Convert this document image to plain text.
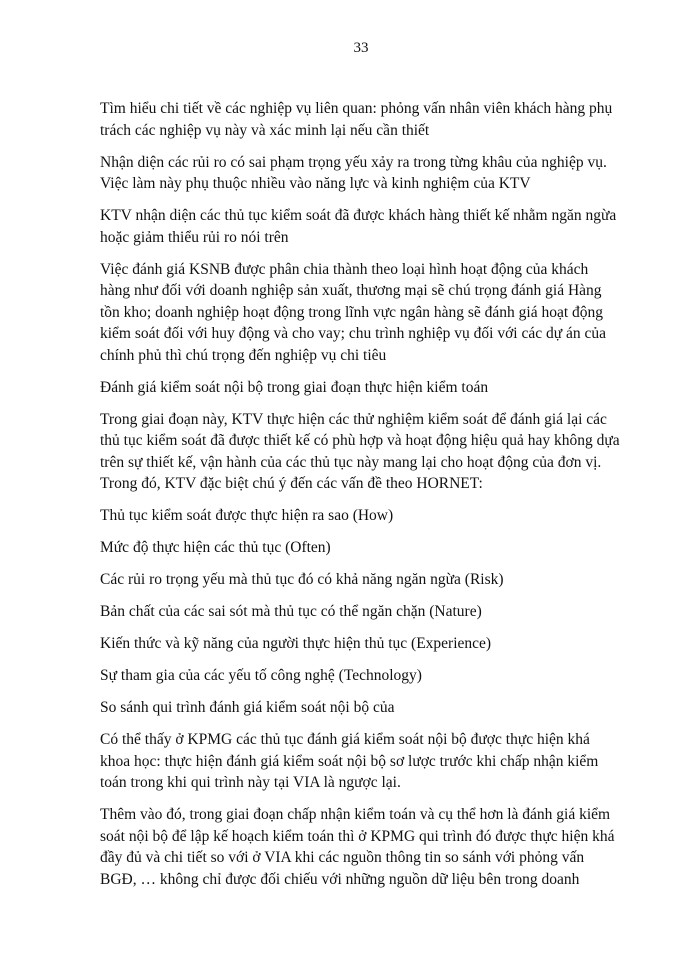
33

Tìm hiểu chi tiết về các nghiệp vụ liên quan: phỏng vấn nhân viên khách hàng phụ trách các nghiệp vụ này và xác minh lại nếu cần thiết

Nhận diện các rủi ro có sai phạm trọng yếu xảy ra trong từng khâu của nghiệp vụ. Việc làm này phụ thuộc nhiều vào năng lực và kinh nghiệm của KTV

KTV nhận diện các thủ tục kiểm soát đã được khách hàng thiết kế nhằm ngăn ngừa hoặc giảm thiểu rủi ro nói trên

Việc đánh giá KSNB được phân chia thành theo loại hình hoạt động của khách hàng như đối với doanh nghiệp sản xuất, thương mại sẽ chú trọng đánh giá Hàng tồn kho; doanh nghiệp hoạt động trong lĩnh vực ngân hàng sẽ đánh giá hoạt động kiểm soát đối với huy động và cho vay; chu trình nghiệp vụ đối với các dự án của chính phủ thì chú trọng đến nghiệp vụ chi tiêu

Đánh giá kiểm soát nội bộ trong giai đoạn thực hiện kiểm toán

Trong giai đoạn này, KTV thực hiện các thử nghiệm kiểm soát để đánh giá lại các thủ tục kiểm soát đã được thiết kế có phù hợp và hoạt động hiệu quả hay không dựa trên sự thiết kế, vận hành của các thủ tục này mang lại cho hoạt động của đơn vị. Trong đó, KTV đặc biệt chú ý đến các vấn đề theo HORNET:

Thủ tục kiểm soát được thực hiện ra sao (How)

Mức độ thực hiện các thủ tục (Often)

Các rủi ro trọng yếu mà thủ tục đó có khả năng ngăn ngừa (Risk)

Bản chất của các sai sót mà thủ tục có thể ngăn chặn (Nature)

Kiến thức và kỹ năng của người thực hiện thủ tục (Experience)

Sự tham gia của các yếu tố công nghệ (Technology)

So sánh qui trình đánh giá kiểm soát nội bộ của

Có thể thấy ở KPMG các thủ tục đánh giá kiểm soát nội bộ được thực hiện khá khoa học: thực hiện đánh giá kiểm soát nội bộ sơ lược trước khi chấp nhận kiểm toán trong khi qui trình này tại VIA là ngược lại.

Thêm vào đó, trong giai đoạn chấp nhận kiểm toán và cụ thể hơn là đánh giá kiểm soát nội bộ để lập kế hoạch kiểm toán thì ở KPMG qui trình đó được thực hiện khá đầy đủ và chi tiết so với ở VIA khi các nguồn thông tin so sánh với phỏng vấn BGĐ, … không chỉ được đối chiếu với những nguồn dữ liệu bên trong doanh
